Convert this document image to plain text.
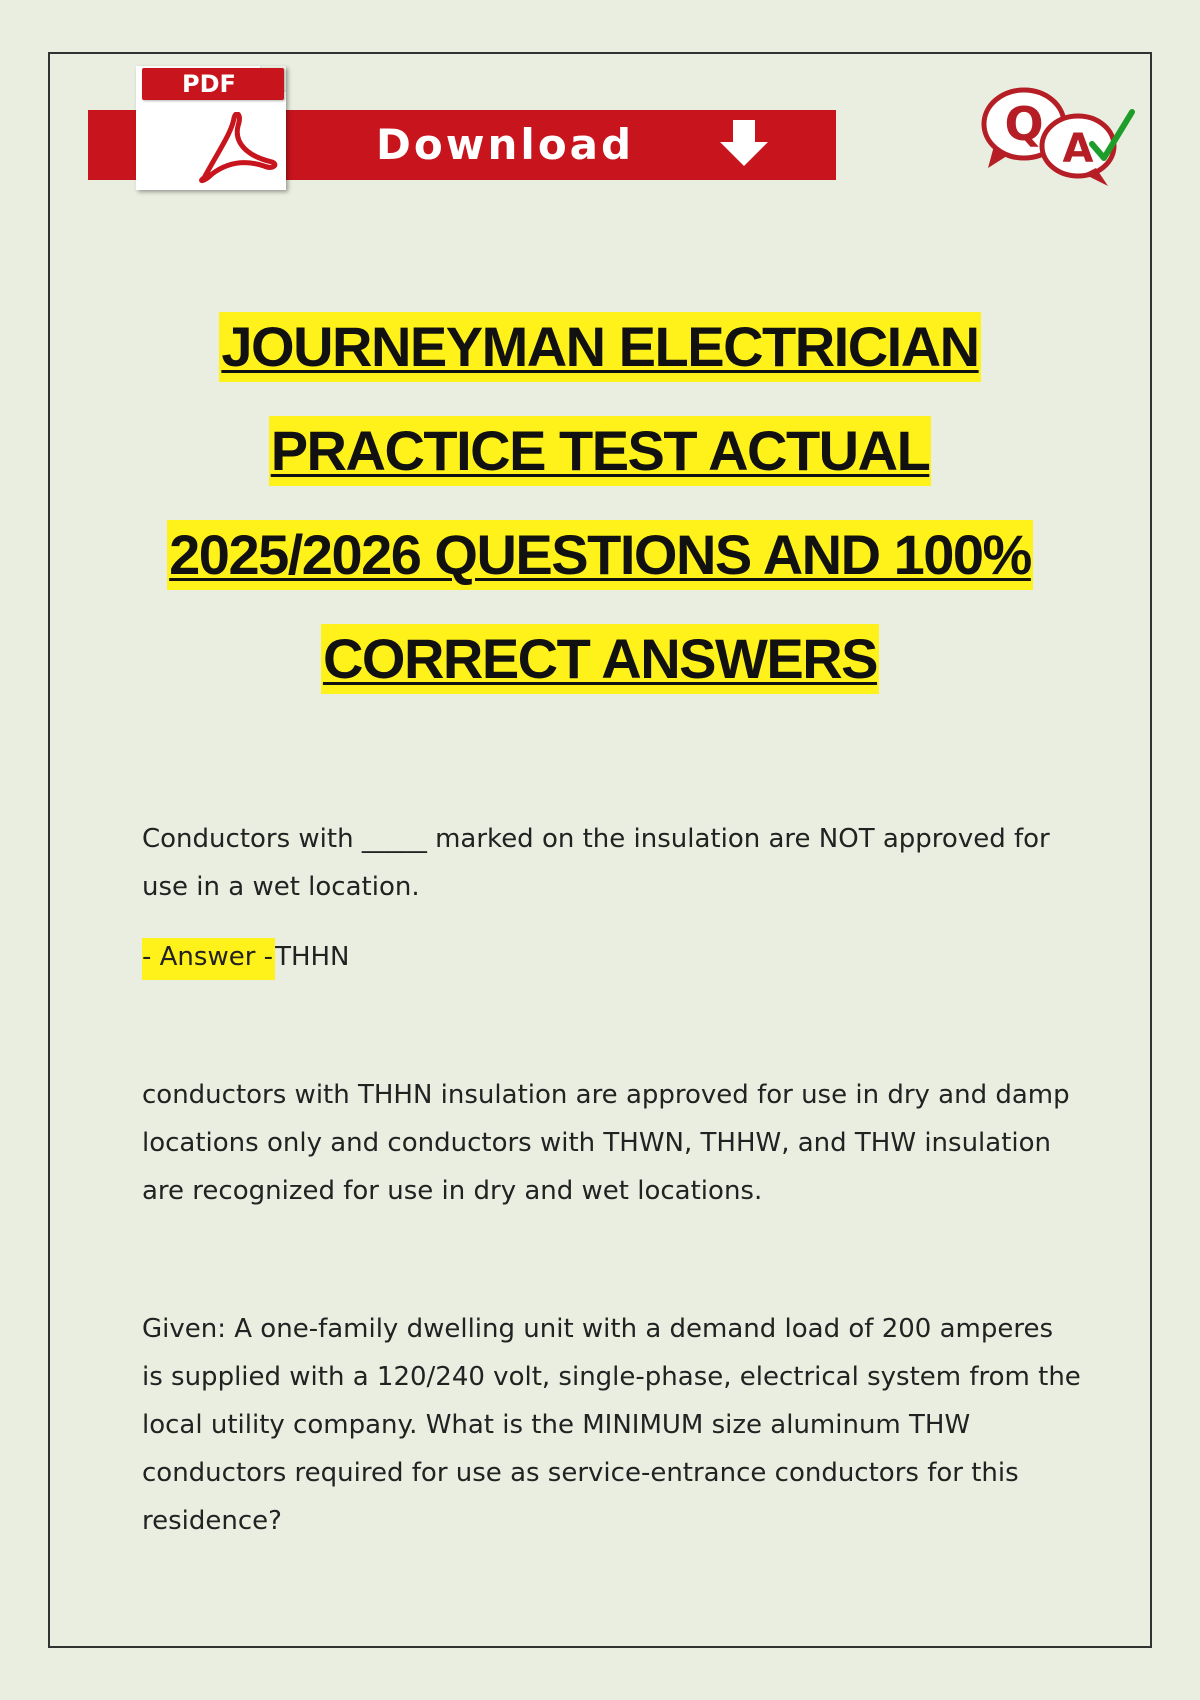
Download
PDF
Q A
JOURNEYMAN ELECTRICIAN
PRACTICE TEST ACTUAL
2025/2026 QUESTIONS AND 100%
CORRECT ANSWERS

Conductors with _____ marked on the insulation are NOT approved for use in a wet location.

- Answer -THHN

conductors with THHN insulation are approved for use in dry and damp locations only and conductors with THWN, THHW, and THW insulation are recognized for use in dry and wet locations.

Given: A one-family dwelling unit with a demand load of 200 amperes is supplied with a 120/240 volt, single-phase, electrical system from the local utility company. What is the MINIMUM size aluminum THW conductors required for use as service-entrance conductors for this residence?
